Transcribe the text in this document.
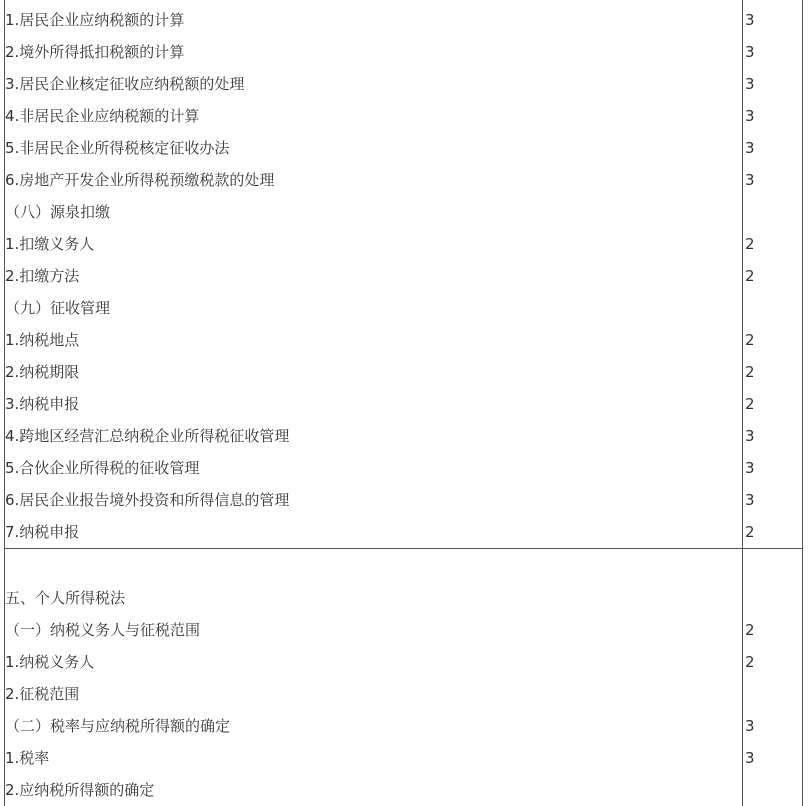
1.居民企业应纳税额的计算	3
2.境外所得抵扣税额的计算	3
3.居民企业核定征收应纳税额的处理	3
4.非居民企业应纳税额的计算	3
5.非居民企业所得税核定征收办法	3
6.房地产开发企业所得税预缴税款的处理	3
（八）源泉扣缴
1.扣缴义务人	2
2.扣缴方法	2
（九）征收管理
1.纳税地点	2
2.纳税期限	2
3.纳税申报	2
4.跨地区经营汇总纳税企业所得税征收管理	3
5.合伙企业所得税的征收管理	3
6.居民企业报告境外投资和所得信息的管理	3
7.纳税申报	2
五、个人所得税法
（一）纳税义务人与征税范围	2
1.纳税义务人	2
2.征税范围
（二）税率与应纳税所得额的确定	3
1.税率	3
2.应纳税所得额的确定
